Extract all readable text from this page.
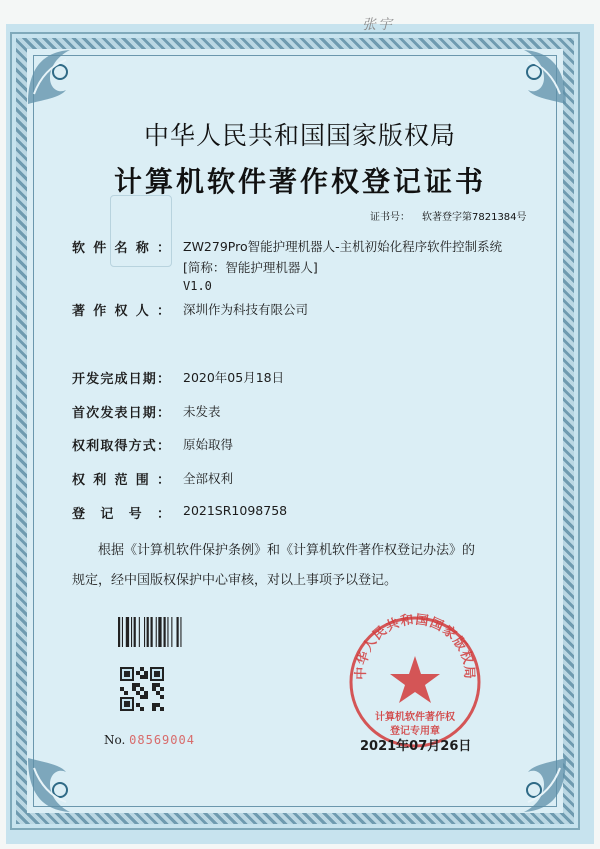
张宇
中华人民共和国国家版权局
计算机软件著作权登记证书
证书号： 软著登字第7821384号
软 件 名 称 ： ZW279Pro智能护理机器人-主机初始化程序软件控制系统
[简称：智能护理机器人]
V1.0
著 作 权 人 ： 深圳作为科技有限公司
开 发 完 成 日 期 ： 2020年05月18日
首 次 发 表 日 期 ： 未发表
权 利 取 得 方 式 ： 原始取得
权 利 范 围 ： 全部权利
登 记 号 ： 2021SR1098758
根据《计算机软件保护条例》和《计算机软件著作权登记办法》的
规定，经中国版权保护中心审核，对以上事项予以登记。
No. 08569004
中华人民共和国国家版权局
计算机软件著作权
登记专用章
2021年07月26日
